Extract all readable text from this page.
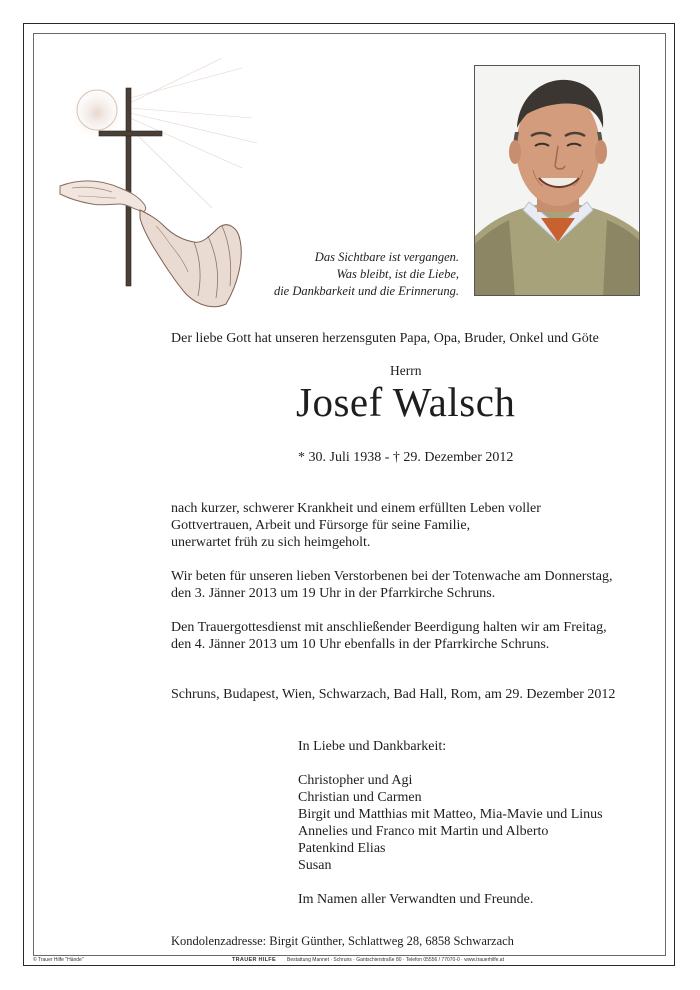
Das Sichtbare ist vergangen.
Was bleibt, ist die Liebe,
die Dankbarkeit und die Erinnerung.
Der liebe Gott hat unseren herzensguten Papa, Opa, Bruder, Onkel und Göte
Herrn
Josef Walsch
* 30. Juli 1938 - † 29. Dezember 2012
nach kurzer, schwerer Krankheit und einem erfüllten Leben voller
Gottvertrauen, Arbeit und Fürsorge für seine Familie,
unerwartet früh zu sich heimgeholt.
Wir beten für unseren lieben Verstorbenen bei der Totenwache am Donnerstag,
den 3. Jänner 2013 um 19 Uhr in der Pfarrkirche Schruns.
Den Trauergottesdienst mit anschließender Beerdigung halten wir am Freitag,
den 4. Jänner 2013 um 10 Uhr ebenfalls in der Pfarrkirche Schruns.
Schruns, Budapest, Wien, Schwarzach, Bad Hall, Rom, am 29. Dezember 2012
In Liebe und Dankbarkeit:
Christopher und Agi
Christian und Carmen
Birgit und Matthias mit Matteo, Mia-Mavie und Linus
Annelies und Franco mit Martin und Alberto
Patenkind Elias
Susan
Im Namen aller Verwandten und Freunde.
Kondolenzadresse: Birgit Günther, Schlattweg 28, 6858 Schwarzach
© Trauer Hilfe "Hände"	TRAUER HILFE Bestattung Mannet · Schruns · Gantschierstraße 80 · Telefon 05556 / 77070-0 · www.trauerhilfe.at
